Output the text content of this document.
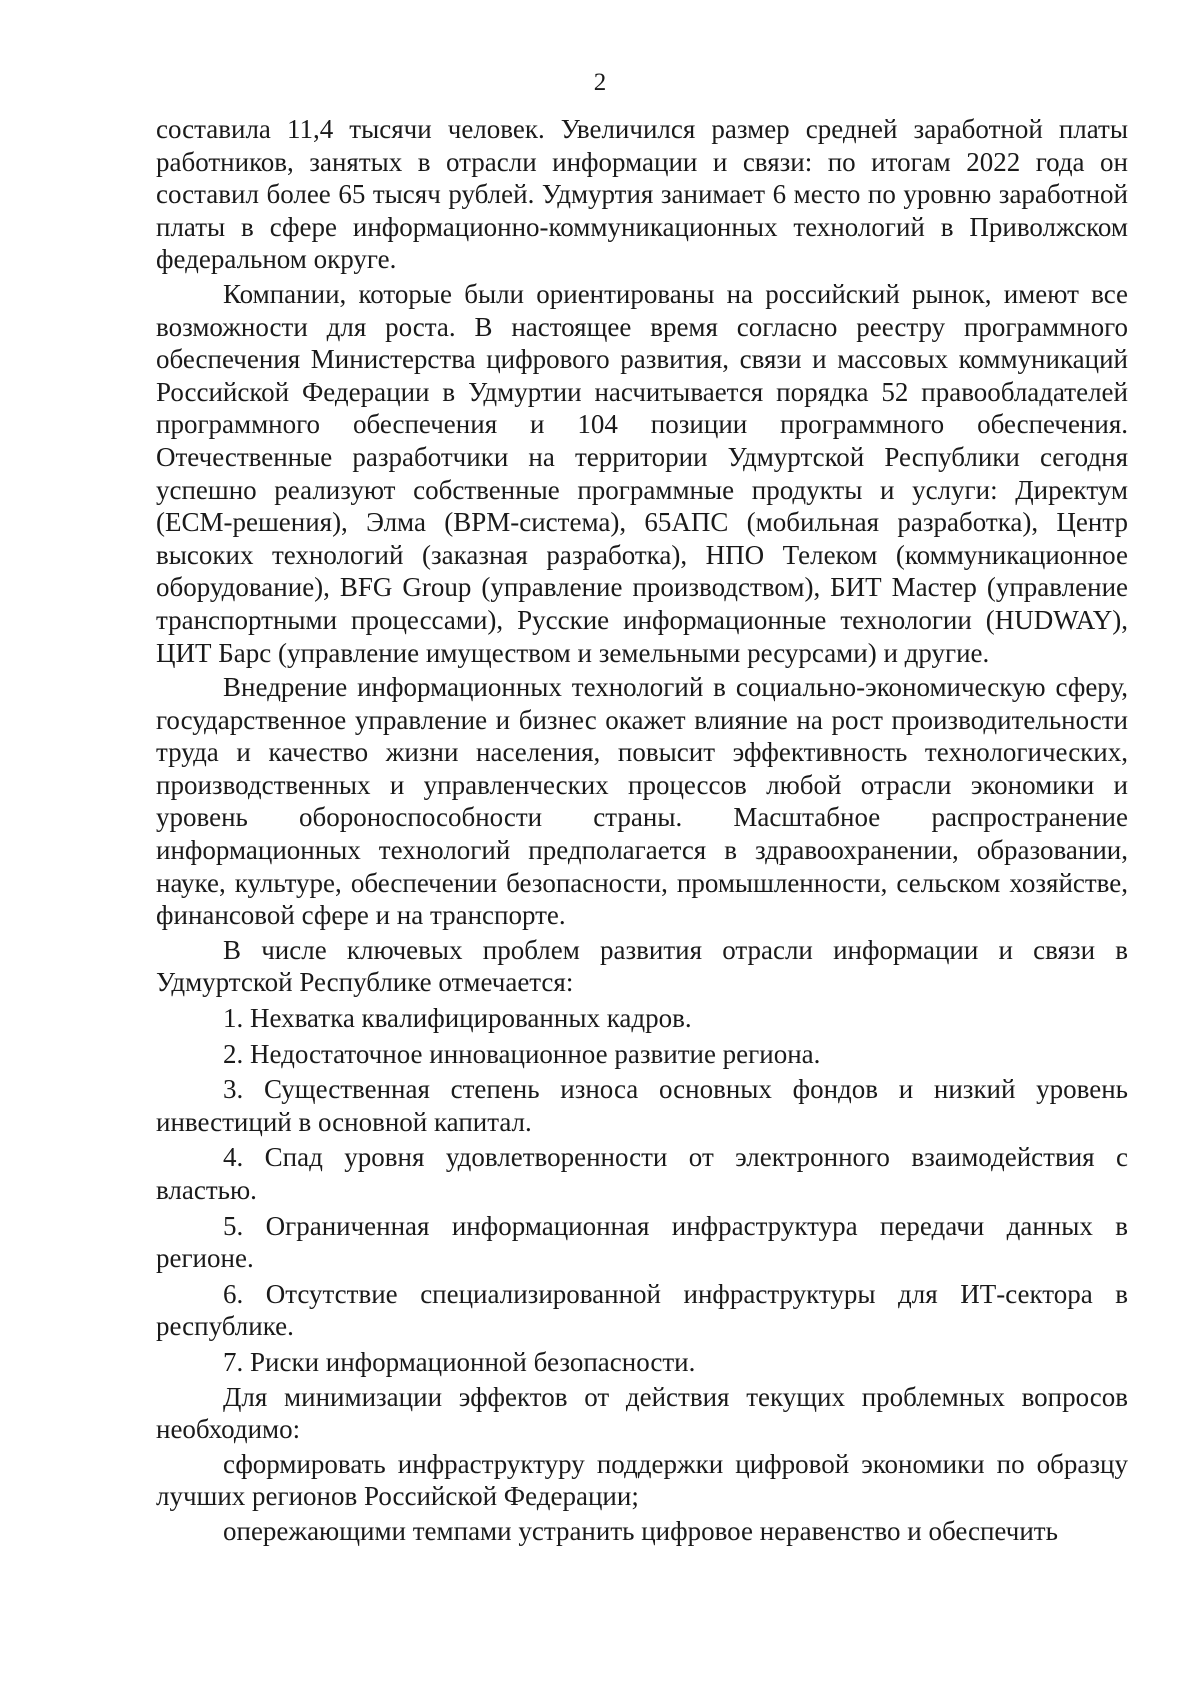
2

составила 11,4 тысячи человек. Увеличился размер средней заработной платы работников, занятых в отрасли информации и связи: по итогам 2022 года он составил более 65 тысяч рублей. Удмуртия занимает 6 место по уровню заработной платы в сфере информационно-коммуникационных технологий в Приволжском федеральном округе.

Компании, которые были ориентированы на российский рынок, имеют все возможности для роста. В настоящее время согласно реестру программного обеспечения Министерства цифрового развития, связи и массовых коммуникаций Российской Федерации в Удмуртии насчитывается порядка 52 правообладателей программного обеспечения и 104 позиции программного обеспечения. Отечественные разработчики на территории Удмуртской Республики сегодня успешно реализуют собственные программные продукты и услуги: Директум (ЕСМ-решения), Элма (ВРМ-система), 65АПС (мобильная разработка), Центр высоких технологий (заказная разработка), НПО Телеком (коммуникационное оборудование), BFG Group (управление производством), БИТ Мастер (управление транспортными процессами), Русские информационные технологии (HUDWAY), ЦИТ Барс (управление имуществом и земельными ресурсами) и другие.

Внедрение информационных технологий в социально-экономическую сферу, государственное управление и бизнес окажет влияние на рост производительности труда и качество жизни населения, повысит эффективность технологических, производственных и управленческих процессов любой отрасли экономики и уровень обороноспособности страны. Масштабное распространение информационных технологий предполагается в здравоохранении, образовании, науке, культуре, обеспечении безопасности, промышленности, сельском хозяйстве, финансовой сфере и на транспорте.

В числе ключевых проблем развития отрасли информации и связи в Удмуртской Республике отмечается:

1. Нехватка квалифицированных кадров.

2. Недостаточное инновационное развитие региона.

3. Существенная степень износа основных фондов и низкий уровень инвестиций в основной капитал.

4. Спад уровня удовлетворенности от электронного взаимодействия с властью.

5. Ограниченная информационная инфраструктура передачи данных в регионе.

6. Отсутствие специализированной инфраструктуры для ИТ-сектора в республике.

7. Риски информационной безопасности.

Для минимизации эффектов от действия текущих проблемных вопросов необходимо:

сформировать инфраструктуру поддержки цифровой экономики по образцу лучших регионов Российской Федерации;

опережающими темпами устранить цифровое неравенство и обеспечить
